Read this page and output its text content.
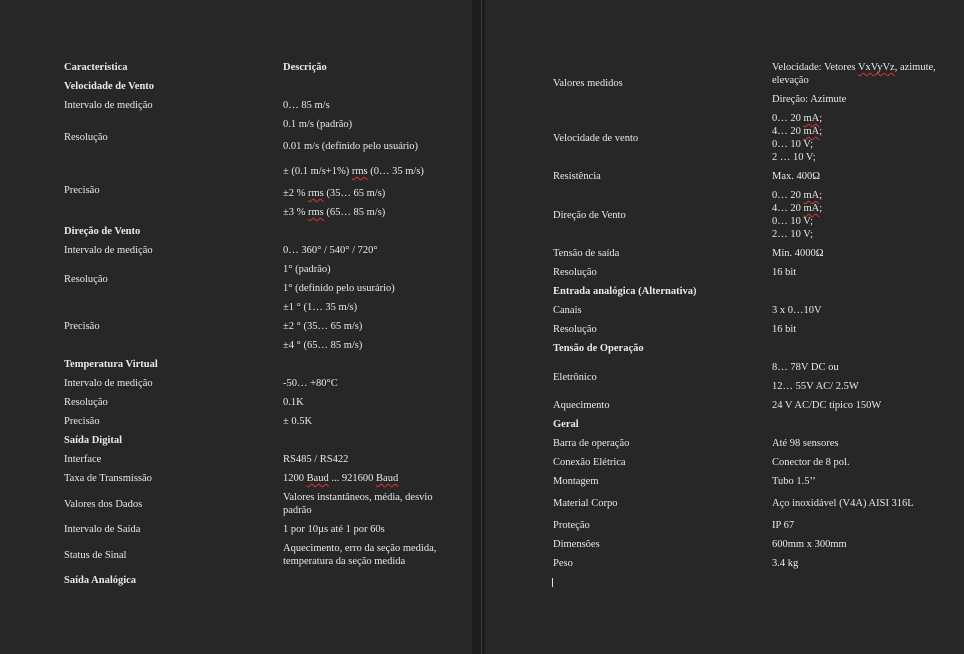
Característica	Descrição
Velocidade de Vento	
Intervalo de medição	0… 85 m/s

Resolução	0.1 m/s (padrão)

	0.01 m/s (definido pelo usuário)

Precisão	± (0.1 m/s+1%) rms (0… 35 m/s)

	±2 % rms (35… 65 m/s)

	±3 % rms (65… 85 m/s)

Direção de Vento	
Intervalo de medição	0… 360° / 540° / 720°

Resolução	1° (padrão)

	1° (definido pelo usurário)

Precisão	±1 ° (1… 35 m/s)

	±2 ° (35… 65 m/s)

	±4 ° (65… 85 m/s)

Temperatura Virtual	
Intervalo de medição	-50… +80°C

Resolução	0.1K

Precisão	± 0.5K

Saída Digital	
Interface	RS485 / RS422

Taxa de Transmissão	1200 Baud ... 921600 Baud

Valores dos Dados	Valores instantâneos, média, desvio padrão

Intervalo de Saída	1 por 10µs até 1 por 60s

Status de Sinal	Aquecimento, erro da seção medida, temperatura da seção medida

Saída Analógica	
Valores medidos	Velocidade: Vetores VxVyVz, azimute, elevação

	Direção: Azimute

Velocidade de vento	0… 20 mA;
4… 20 mA;
0… 10 V;
2 … 10 V;

Resistência	Max. 400Ω

Direção de Vento	0… 20 mA;
4… 20 mA;
0… 10 V;
2… 10 V;

Tensão de saída	Mín. 4000Ω

Resolução	16 bit

Entrada analógica (Alternativa)	
Canais	3 x 0…10V

Resolução	16 bit

Tensão de Operação	
Eletrônico	8… 78V DC ou

	12… 55V AC/ 2.5W

Aquecimento	24 V AC/DC típico 150W

Geral	
Barra de operação	Até 98 sensores

Conexão Elétrica	Conector de 8 pol.

Montagem	Tubo 1.5’’

Material Corpo	Aço inoxidável (V4A) AISI 316L

Proteção	IP 67

Dimensões	600mm x 300mm

Peso	3.4 kg
